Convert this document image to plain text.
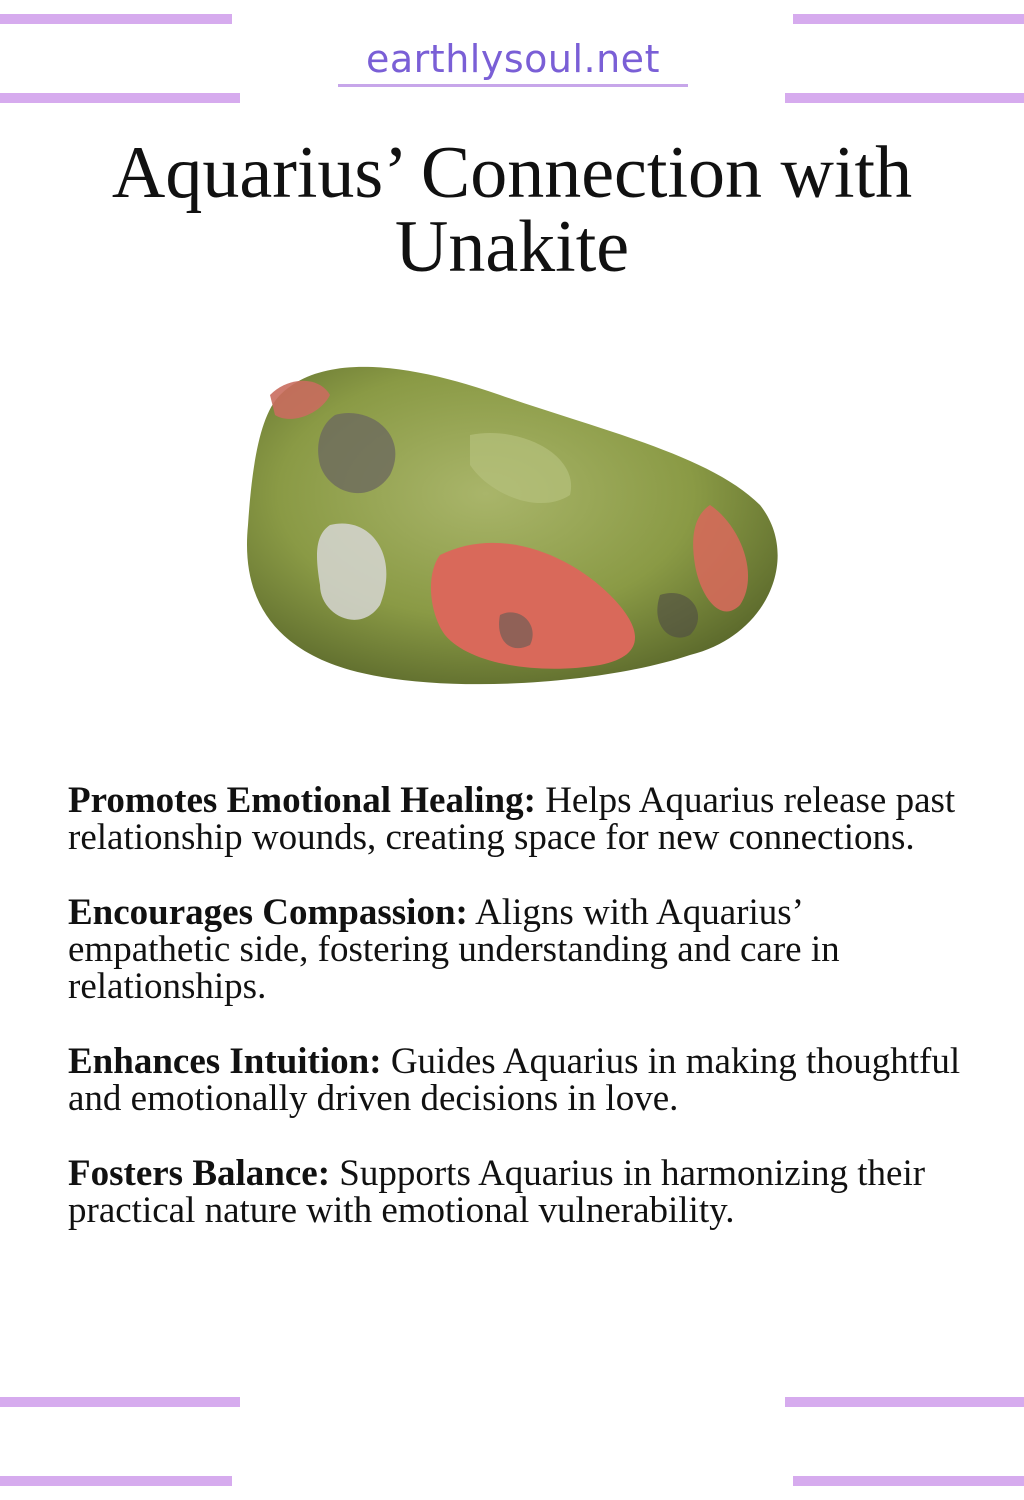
earthlysoul.net
Aquarius’ Connection with
Unakite

Promotes Emotional Healing: Helps Aquarius release past relationship wounds, creating space for new connections.

Encourages Compassion: Aligns with Aquarius’ empathetic side, fostering understanding and care in relationships.

Enhances Intuition: Guides Aquarius in making thoughtful and emotionally driven decisions in love.

Fosters Balance: Supports Aquarius in harmonizing their practical nature with emotional vulnerability.
